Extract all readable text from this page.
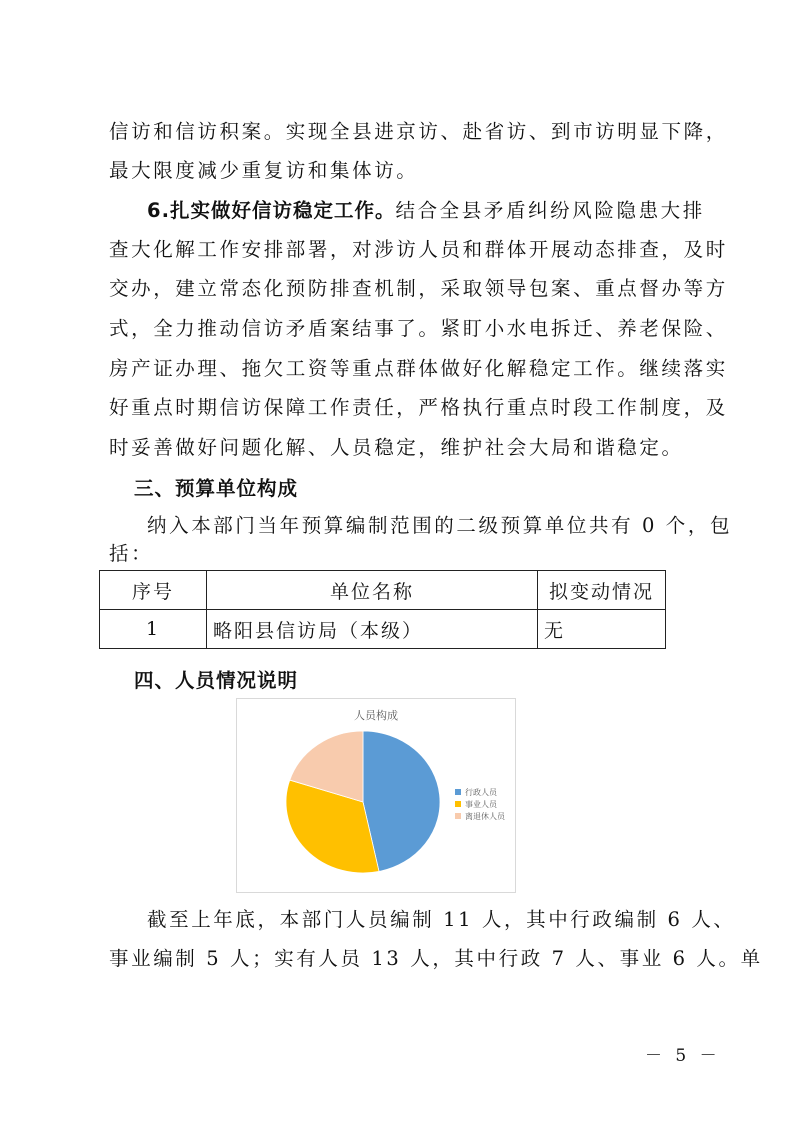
信访和信访积案。实现全县进京访、赴省访、到市访明显下降，
最大限度减少重复访和集体访。
6.扎实做好信访稳定工作。结合全县矛盾纠纷风险隐患大排
查大化解工作安排部署，对涉访人员和群体开展动态排查，及时
交办，建立常态化预防排查机制，采取领导包案、重点督办等方
式，全力推动信访矛盾案结事了。紧盯小水电拆迁、养老保险、
房产证办理、拖欠工资等重点群体做好化解稳定工作。继续落实
好重点时期信访保障工作责任，严格执行重点时段工作制度，及
时妥善做好问题化解、人员稳定，维护社会大局和谐稳定。
三、预算单位构成
纳入本部门当年预算编制范围的二级预算单位共有 0 个，包
括：
序号	单位名称	拟变动情况
1	略阳县信访局（本级）	无
四、人员情况说明
人员构成
行政人员
事业人员
离退休人员
截至上年底，本部门人员编制 11 人，其中行政编制 6 人、
事业编制 5 人；实有人员 13 人，其中行政 7 人、事业 6 人。单
－ 5 －
